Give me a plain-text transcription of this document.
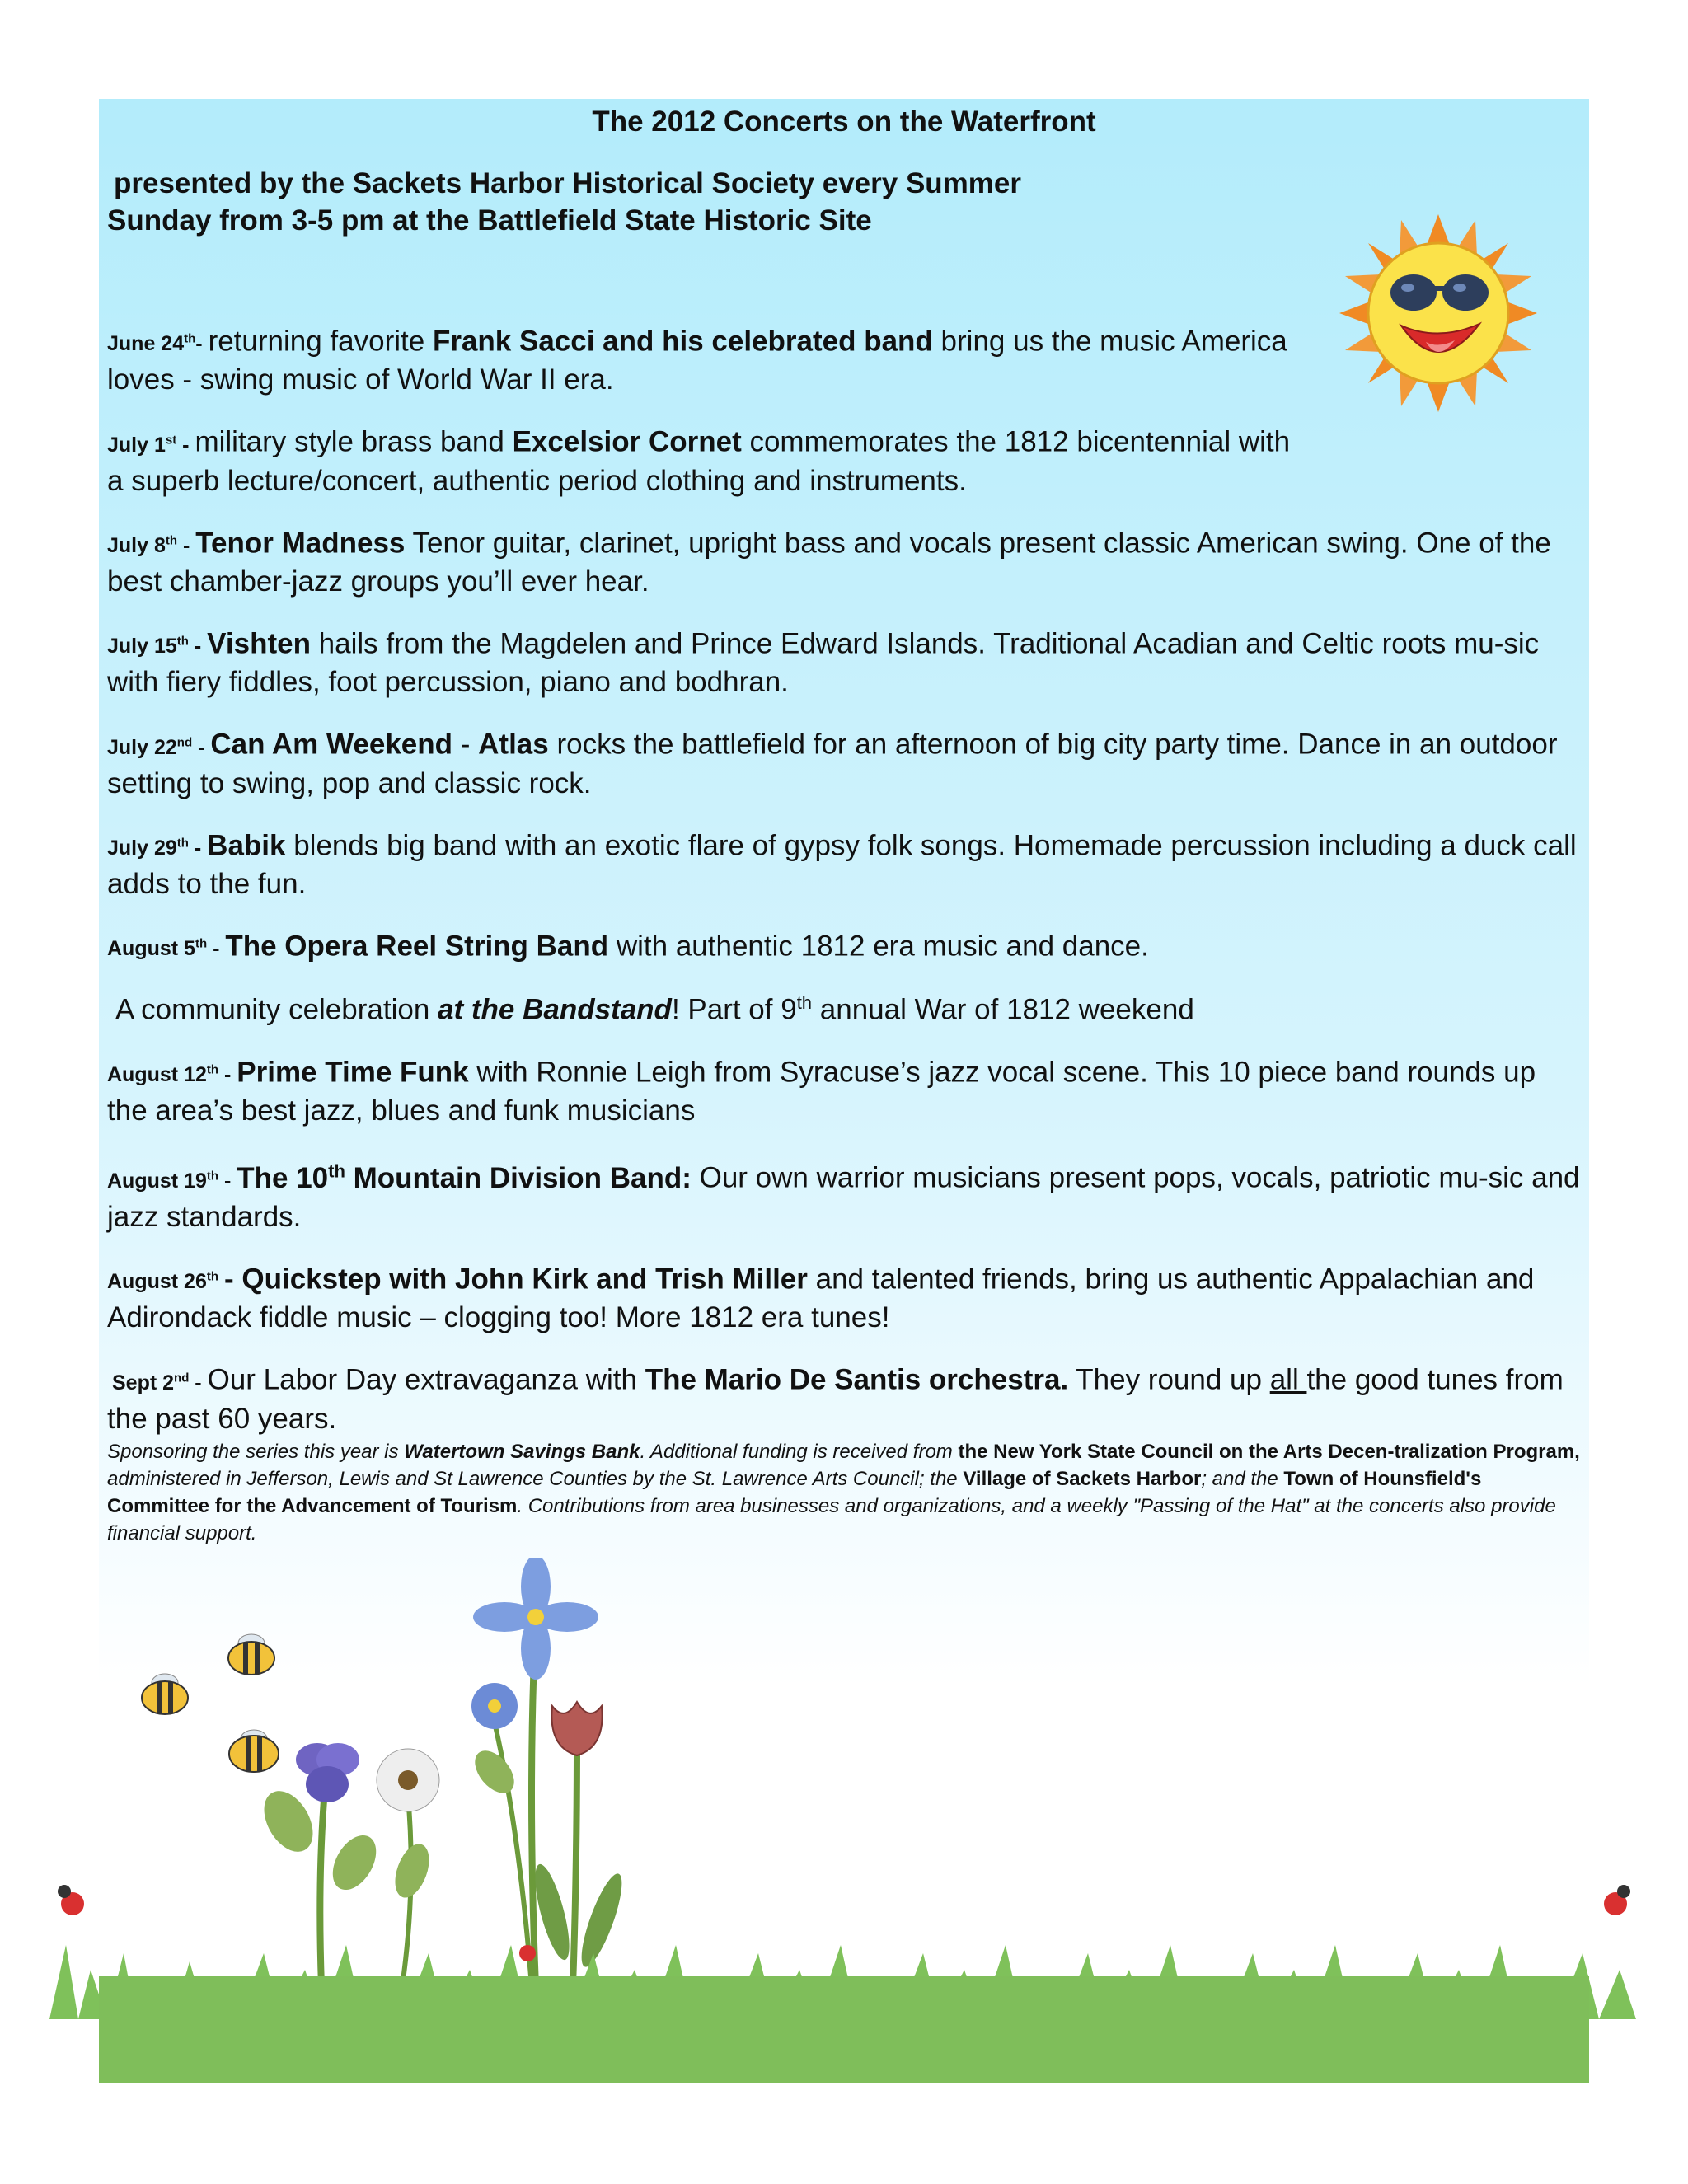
The 2012 Concerts on the Waterfront
presented by the Sackets Harbor Historical Society every Summer
Sunday from 3-5 pm at the Battlefield State Historic Site
June 24th- returning favorite Frank Sacci and his celebrated band bring us the music America loves - swing music of World War II era.
July 1st - military style brass band Excelsior Cornet commemorates the 1812 bicentennial with a superb lecture/concert, authentic period clothing and instruments.
July 8th - Tenor Madness Tenor guitar, clarinet, upright bass and vocals present classic American swing. One of the best chamber-jazz groups you’ll ever hear.
July 15th - Vishten hails from the Magdelen and Prince Edward Islands. Traditional Acadian and Celtic roots mu-sic with fiery fiddles, foot percussion, piano and bodhran.
July 22nd - Can Am Weekend - Atlas rocks the battlefield for an afternoon of big city party time. Dance in an outdoor setting to swing, pop and classic rock.
July 29th - Babik blends big band with an exotic flare of gypsy folk songs. Homemade percussion including a duck call adds to the fun.
August 5th - The Opera Reel String Band with authentic 1812 era music and dance.
A community celebration at the Bandstand! Part of 9th annual War of 1812 weekend
August 12th - Prime Time Funk with Ronnie Leigh from Syracuse’s jazz vocal scene. This 10 piece band rounds up the area’s best jazz, blues and funk musicians
August 19th - The 10th Mountain Division Band: Our own warrior musicians present pops, vocals, patriotic mu-sic and jazz standards.
August 26th - Quickstep with John Kirk and Trish Miller and talented friends, bring us authentic Appalachian and Adirondack fiddle music – clogging too! More 1812 era tunes!
Sept 2nd - Our Labor Day extravaganza with The Mario De Santis orchestra. They round up all the good tunes from the past 60 years.
Sponsoring the series this year is Watertown Savings Bank. Additional funding is received from the New York State Council on the Arts Decen-tralization Program, administered in Jefferson, Lewis and St Lawrence Counties by the St. Lawrence Arts Council; the Village of Sackets Harbor; and the Town of Hounsfield's Committee for the Advancement of Tourism. Contributions from area businesses and organizations, and a weekly "Passing of the Hat" at the concerts also provide financial support.
